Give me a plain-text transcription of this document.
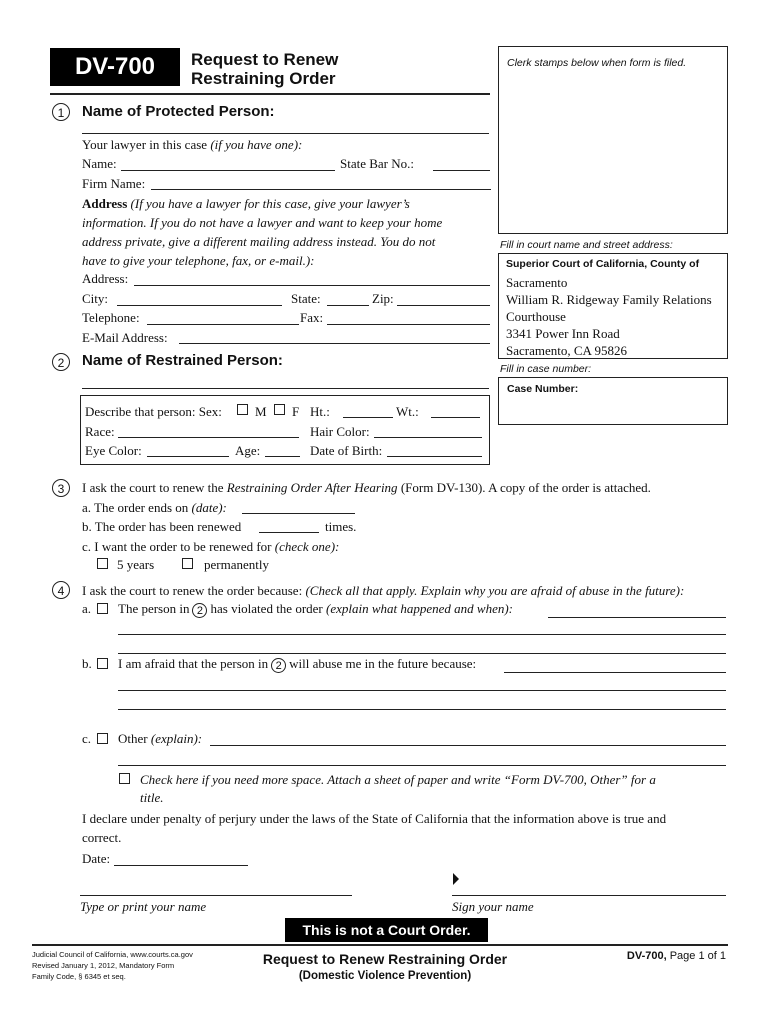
DV-700	Request to Renew
Restraining Order
Clerk stamps below when form is filed.
Fill in court name and street address:
Superior Court of California, County of
Sacramento
William R. Ridgeway Family Relations
Courthouse
3341 Power Inn Road
Sacramento, CA 95826
Fill in case number:
Case Number:
1	Name of Protected Person:
Your lawyer in this case (if you have one):
Name:	State Bar No.:
Firm Name:
Address (If you have a lawyer for this case, give your lawyer’s
information. If you do not have a lawyer and want to keep your home
address private, give a different mailing address instead. You do not
have to give your telephone, fax, or e-mail.):
Address:
City:	State:	Zip:
Telephone:	Fax:
E-Mail Address:
2	Name of Restrained Person:
Describe that person: Sex:	M F Ht.:	Wt.:
Race:	Hair Color:
Eye Color:	Age:	Date of Birth:
3	I ask the court to renew the Restraining Order After Hearing (Form DV-130). A copy of the order is attached.
a. The order ends on (date):
b. The order has been renewed	times.
c. I want the order to be renewed for (check one):
5 years	permanently
4	I ask the court to renew the order because: (Check all that apply. Explain why you are afraid of abuse in the future):
a. The person in 2 has violated the order (explain what happened and when):
b. I am afraid that the person in 2 will abuse me in the future because:
c. Other (explain):
Check here if you need more space. Attach a sheet of paper and write “Form DV-700, Other” for a
title.
I declare under penalty of perjury under the laws of the State of California that the information above is true and
correct.
Date:
Type or print your name	Sign your name
This is not a Court Order.
Judicial Council of California, www.courts.ca.gov
Revised January 1, 2012, Mandatory Form
Family Code, § 6345 et seq.
Request to Renew Restraining Order
(Domestic Violence Prevention)
DV-700, Page 1 of 1
